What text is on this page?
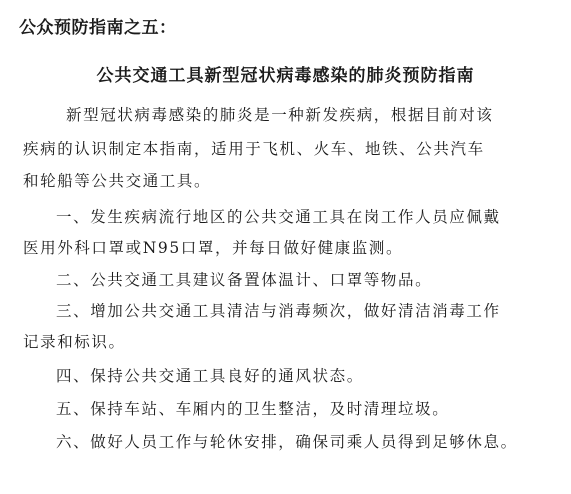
公众预防指南之五：
公共交通工具新型冠状病毒感染的肺炎预防指南
新型冠状病毒感染的肺炎是一种新发疾病，根据目前对该
疾病的认识制定本指南，适用于飞机、火车、地铁、公共汽车
和轮船等公共交通工具。
一、发生疾病流行地区的公共交通工具在岗工作人员应佩戴
医用外科口罩或N95口罩，并每日做好健康监测。
二、公共交通工具建议备置体温计、口罩等物品。
三、增加公共交通工具清洁与消毒频次，做好清洁消毒工作
记录和标识。
四、保持公共交通工具良好的通风状态。
五、保持车站、车厢内的卫生整洁，及时清理垃圾。
六、做好人员工作与轮休安排，确保司乘人员得到足够休息。
